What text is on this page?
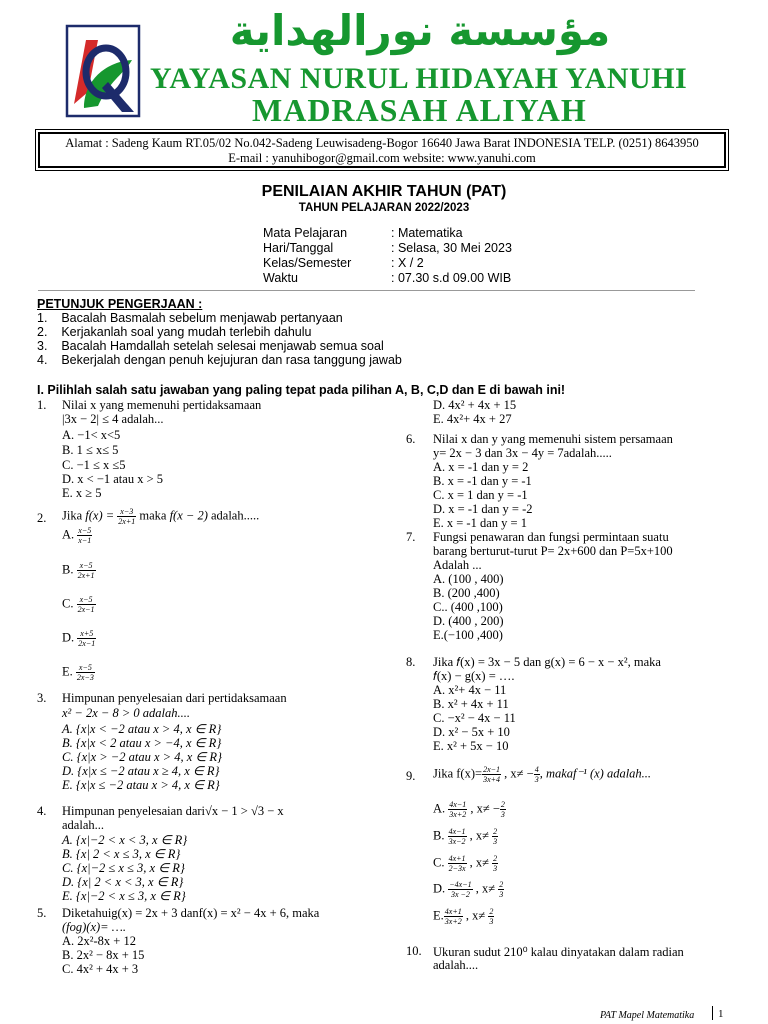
مؤسسة نورالهداية
YAYASAN NURUL HIDAYAH YANUHI
MADRASAH ALIYAH
Alamat : Sadeng Kaum RT.05/02 No.042-Sadeng Leuwisadeng-Bogor 16640 Jawa Barat INDONESIA TELP. (0251) 8643950
E-mail : yanuhibogor@gmail.com website: www.yanuhi.com
PENILAIAN AKHIR TAHUN (PAT)
TAHUN PELAJARAN 2022/2023
Mata Pelajaran	: Matematika
Hari/Tanggal	: Selasa, 30 Mei 2023
Kelas/Semester	: X / 2
Waktu	: 07.30 s.d 09.00 WIB
PETUNJUK PENGERJAAN :
1.    Bacalah Basmalah sebelum menjawab pertanyaan
2.    Kerjakanlah soal yang mudah terlebih dahulu
3.    Bacalah Hamdallah setelah selesai menjawab semua soal
4.    Bekerjalah dengan penuh kejujuran dan rasa tanggung jawab
I. Pilihlah salah satu jawaban yang paling tepat pada pilihan A, B, C,D dan E di bawah ini!
1. Nilai x yang memenuhi pertidaksamaan
|3x − 2| ≤ 4 adalah...
A. −1< x<5
B. 1 ≤ x≤ 5
C. −1 ≤ x ≤5
D. x < −1 atau x > 5
E. x ≥ 5
2. Jika $f(x) = \frac{x-3}{2x+1}$ maka f(x − 2) adalah.....
A. $\frac{x-5}{x-1}$
B. $\frac{x-5}{2x+1}$
C. $\frac{x-5}{2x-1}$
D. $\frac{x+5}{2x-1}$
E. $\frac{x-5}{2x-3}$
3. Himpunan penyelesaian dari pertidaksamaan
x² − 2x − 8 > 0 adalah....
A. {x|x < −2 atau x > 4, x ∈ R}
B. {x|x < 2 atau x > −4, x ∈ R}
C. {x|x > −2 atau x > 4, x ∈ R}
D. {x|x ≤ −2 atau x ≥ 4, x ∈ R}
E. {x|x ≤ −2 atau x > 4, x ∈ R}
4. Himpunan penyelesaian dari√x − 1 > √3 − x
adalah...
A. {x|−2 < x < 3, x ∈ R}
B. {x| 2 < x ≤ 3, x ∈ R}
C. {x|−2 ≤ x ≤ 3, x ∈ R}
D. {x| 2 < x < 3, x ∈ R}
E. {x|−2 < x ≤ 3, x ∈ R}
5. Diketahuig(x) = 2x + 3 danf(x) = x² − 4x + 6, maka
(fog)(x)= ….
A. 2x²-8x + 12
B. 2x² − 8x + 15
C. 4x² + 4x + 3
D. 4x² + 4x + 15
E. 4x²+ 4x + 27
6. Nilai x dan y yang memenuhi sistem persamaan
y= 2x − 3 dan 3x − 4y = 7adalah.....
A. x = -1 dan y = 2
B. x = -1 dan y = -1
C. x = 1 dan y = -1
D. x = -1 dan y = -2
E. x = -1 dan y = 1
7. Fungsi penawaran dan fungsi permintaan suatu
barang berturut-turut P= 2x+600 dan P=5x+100
Adalah ...
A. (100 , 400)
B. (200 ,400)
C.. (400 ,100)
D. (400 , 200)
E.(−100 ,400)
8. Jika 𝑓(x) = 3x − 5 dan g(x) = 6 − x − x², maka
𝑓(x) − g(x) = ….
A. x²+ 4x − 11
B. x² + 4x + 11
C. −x² − 4x − 11
D. x² − 5x + 10
E. x² + 5x − 10
9. Jika $f(x)= \frac{2x-1}{3x+4}$ , $x\ne - \frac{4}{3}$ , makaf⁻¹ (x) adalah...
A. $\frac{4x-1}{3x+2}$ , $x\ne - \frac{2}{3}$
B. $\frac{4x-1}{3x-2}$ , $x\ne \frac{2}{3}$
C. $\frac{4x+1}{2-3x}$ , $x\ne \frac{2}{3}$
D. $\frac{-4x-1}{3x -2}$ , $x\ne \frac{2}{3}$
E. $\frac{4x+1}{3x+2}$ , $x\ne \frac{2}{3}$
10. Ukuran sudut 210⁰ kalau dinyatakan dalam radian
adalah....
PAT Mapel Matematika 1
